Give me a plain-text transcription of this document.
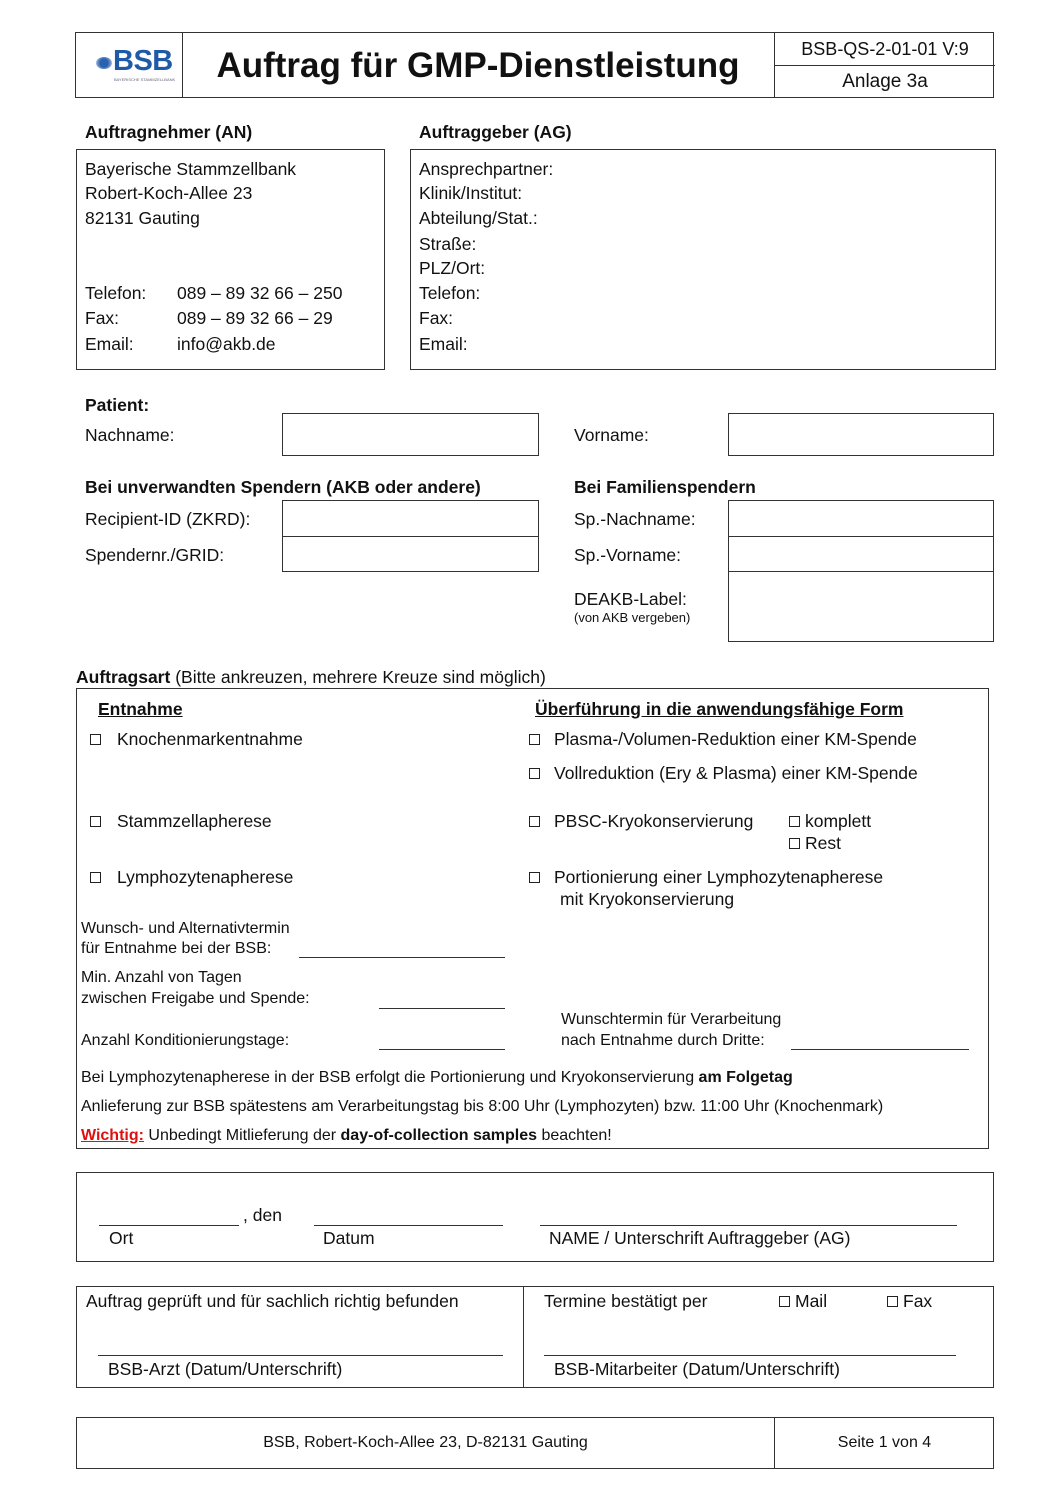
BSB
BAYERISCHE STAMMZELLBANK	Auftrag für GMP-Dienstleistung	BSB-QS-2-01-01 V:9
Anlage 3a
Auftragnehmer (AN)
Bayerische Stammzellbank
Robert-Koch-Allee 23
82131 Gauting
Telefon: 089 – 89 32 66 – 250
Fax:	089 – 89 32 66 – 29
Email: info@akb.de
Auftraggeber (AG)
Ansprechpartner:
Klinik/Institut:
Abteilung/Stat.:
Straße:
PLZ/Ort:
Telefon:
Fax:
Email:
Patient:
Nachname:	Vorname:
Bei unverwandten Spendern (AKB oder andere)
Recipient-ID (ZKRD):
Spendernr./GRID:
Bei Familienspendern
Sp.-Nachname:
Sp.-Vorname:
DEAKB-Label:
(von AKB vergeben)
Auftragsart (Bitte ankreuzen, mehrere Kreuze sind möglich)
Entnahme
Knochenmarkentnahme
Stammzellapherese
Lymphozytenapherese
Überführung in die anwendungsfähige Form
Plasma-/Volumen-Reduktion einer KM-Spende
Vollreduktion (Ery & Plasma) einer KM-Spende
PBSC-Kryokonservierung	komplett
Rest
Portionierung einer Lymphozytenapherese
mit Kryokonservierung
Wunsch- und Alternativtermin
für Entnahme bei der BSB:
Min. Anzahl von Tagen
zwischen Freigabe und Spende:
Anzahl Konditionierungstage:
Wunschtermin für Verarbeitung
nach Entnahme durch Dritte:
Bei Lymphozytenapherese in der BSB erfolgt die Portionierung und Kryokonservierung am Folgetag
Anlieferung zur BSB spätestens am Verarbeitungstag bis 8:00 Uhr (Lymphozyten) bzw. 11:00 Uhr (Knochenmark)
Wichtig: Unbedingt Mitlieferung der day-of-collection samples beachten!
, den
Ort	Datum	NAME / Unterschrift Auftraggeber (AG)
Auftrag geprüft und für sachlich richtig befunden
BSB-Arzt (Datum/Unterschrift)
Termine bestätigt per	Mail	Fax
BSB-Mitarbeiter (Datum/Unterschrift)
BSB, Robert-Koch-Allee 23, D-82131 Gauting	Seite 1 von 4
